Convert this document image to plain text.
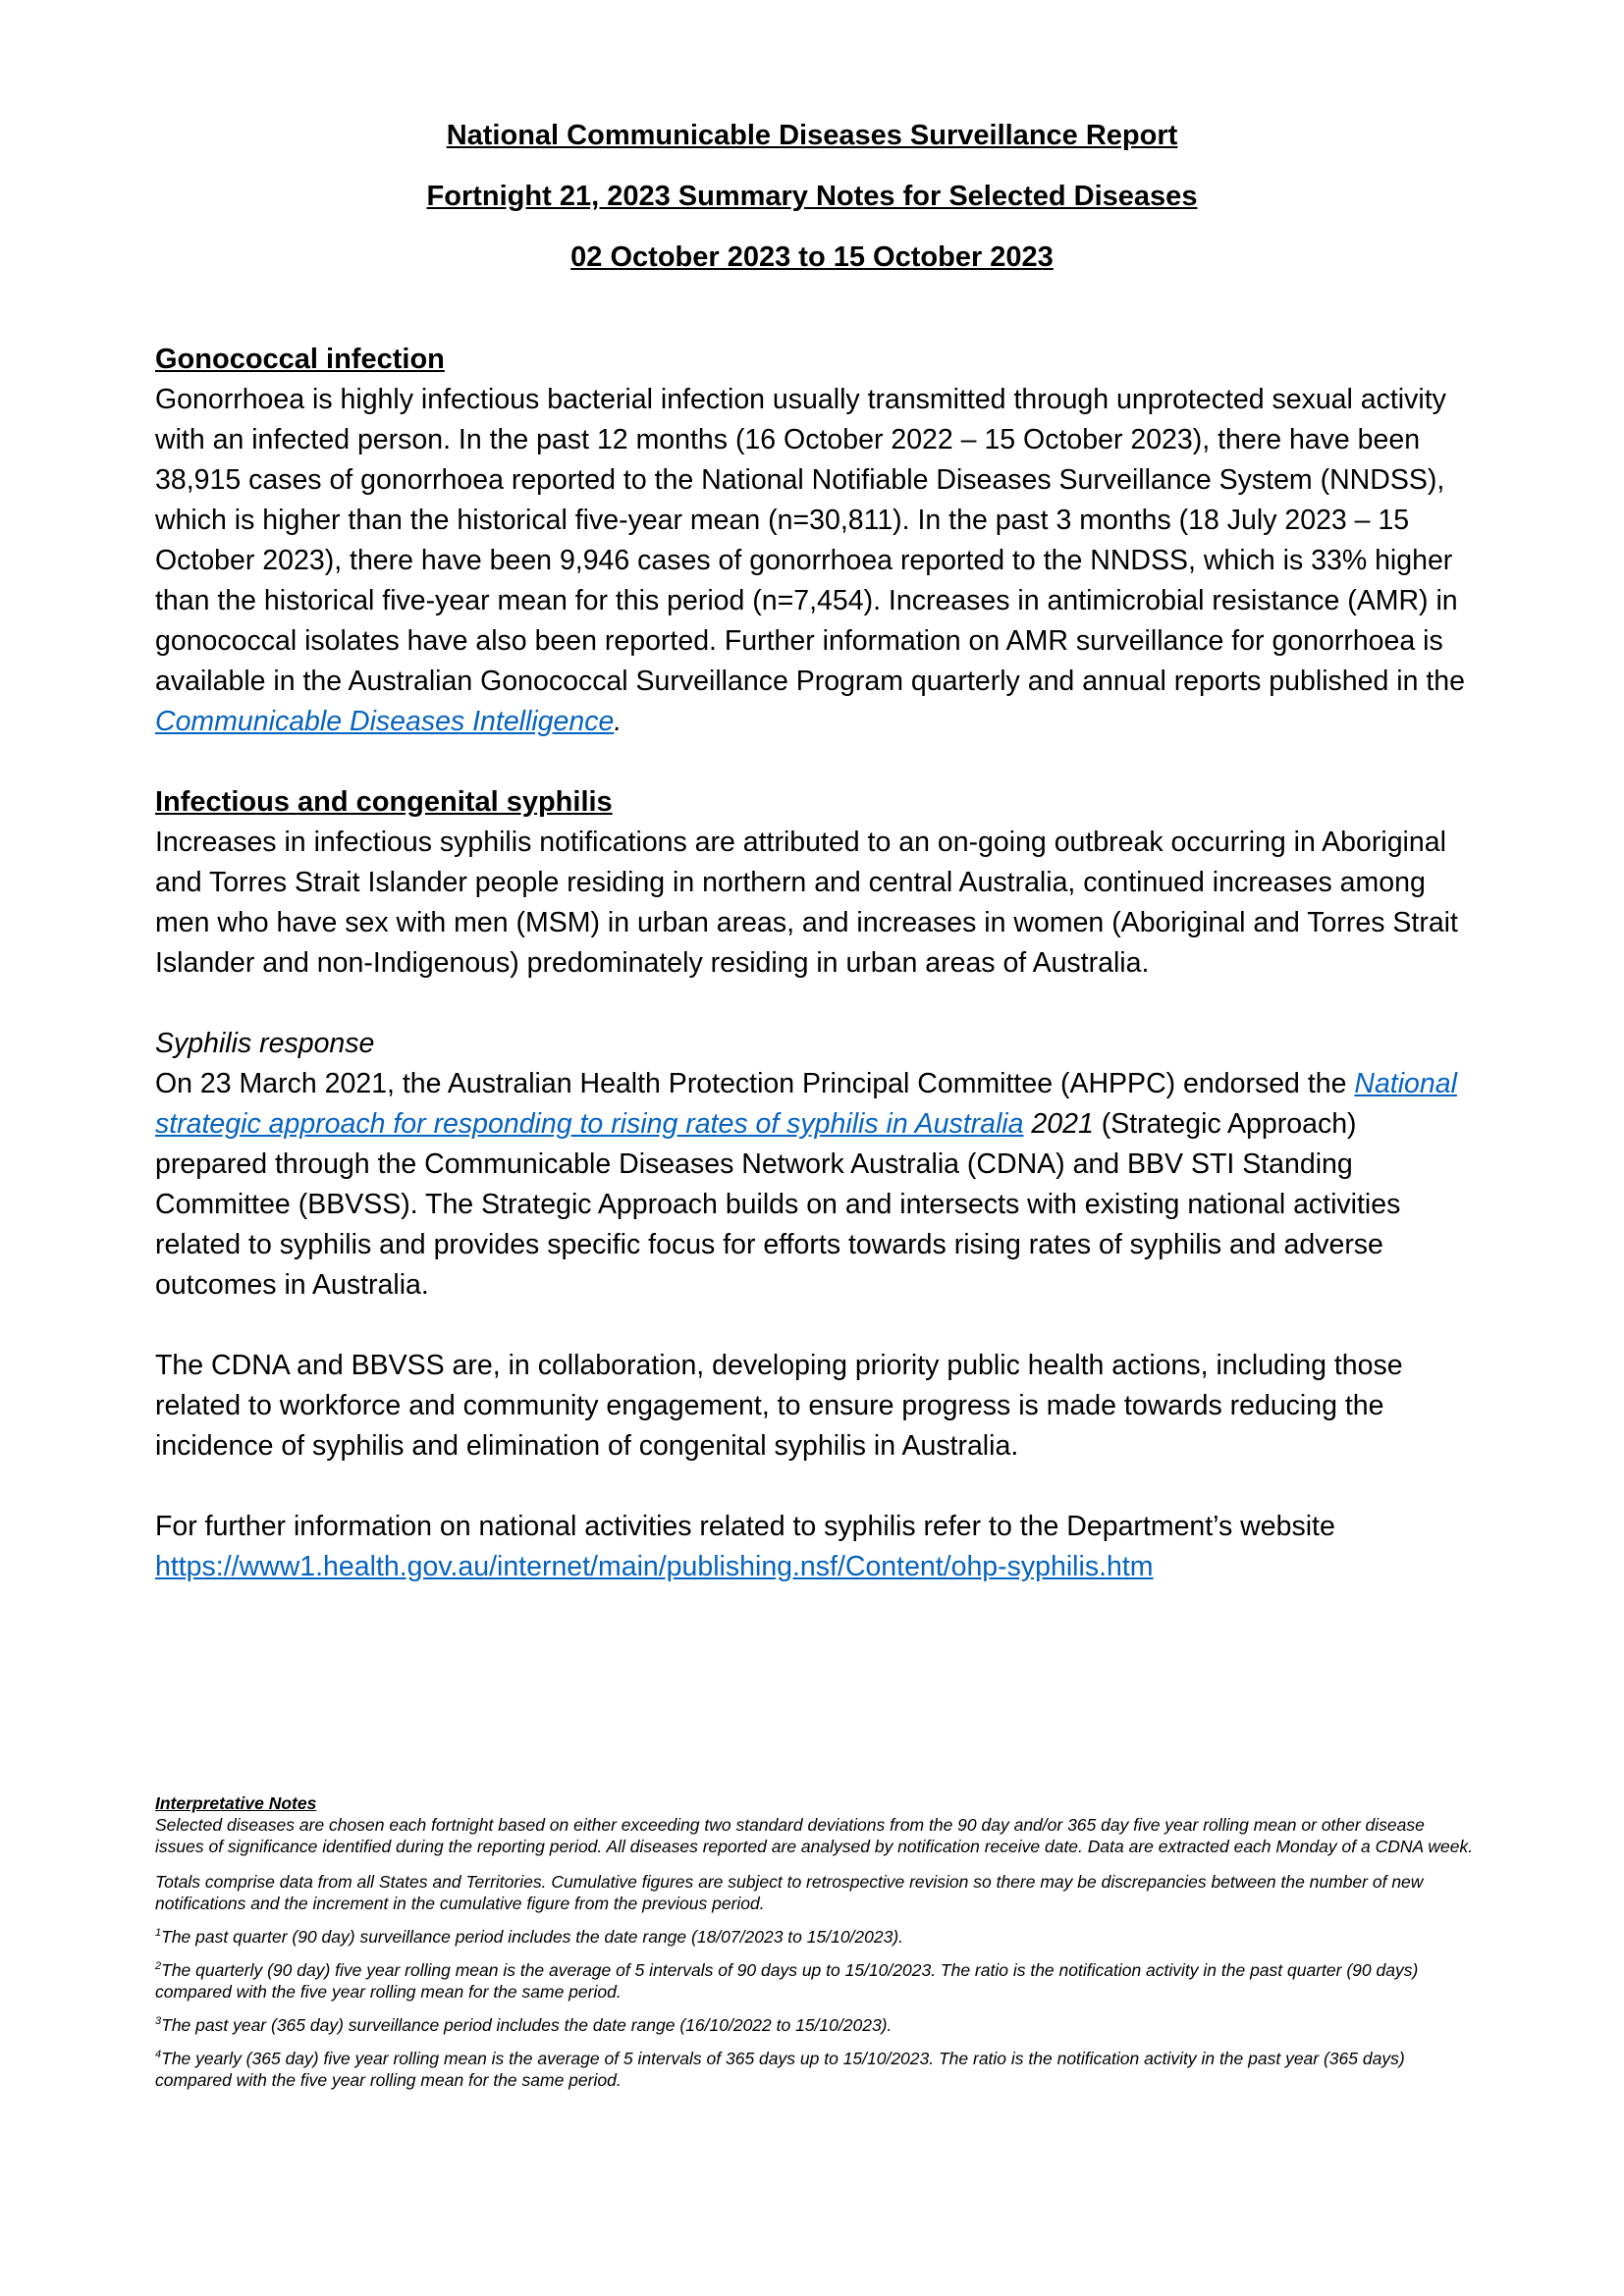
National Communicable Diseases Surveillance Report

Fortnight 21, 2023 Summary Notes for Selected Diseases

02 October 2023 to 15 October 2023

Gonococcal infection

Gonorrhoea is highly infectious bacterial infection usually transmitted through unprotected sexual activity with an infected person. In the past 12 months (16 October 2022 – 15 October 2023), there have been 38,915 cases of gonorrhoea reported to the National Notifiable Diseases Surveillance System (NNDSS), which is higher than the historical five-year mean (n=30,811). In the past 3 months (18 July 2023 – 15 October 2023), there have been 9,946 cases of gonorrhoea reported to the NNDSS, which is 33% higher than the historical five-year mean for this period (n=7,454). Increases in antimicrobial resistance (AMR) in gonococcal isolates have also been reported. Further information on AMR surveillance for gonorrhoea is available in the Australian Gonococcal Surveillance Program quarterly and annual reports published in the Communicable Diseases Intelligence.

Infectious and congenital syphilis

Increases in infectious syphilis notifications are attributed to an on-going outbreak occurring in Aboriginal and Torres Strait Islander people residing in northern and central Australia, continued increases among men who have sex with men (MSM) in urban areas, and increases in women (Aboriginal and Torres Strait Islander and non-Indigenous) predominately residing in urban areas of Australia.

Syphilis response

On 23 March 2021, the Australian Health Protection Principal Committee (AHPPC) endorsed the National strategic approach for responding to rising rates of syphilis in Australia 2021 (Strategic Approach) prepared through the Communicable Diseases Network Australia (CDNA) and BBV STI Standing Committee (BBVSS). The Strategic Approach builds on and intersects with existing national activities related to syphilis and provides specific focus for efforts towards rising rates of syphilis and adverse outcomes in Australia.

The CDNA and BBVSS are, in collaboration, developing priority public health actions, including those related to workforce and community engagement, to ensure progress is made towards reducing the incidence of syphilis and elimination of congenital syphilis in Australia.

For further information on national activities related to syphilis refer to the Department’s website

https://www1.health.gov.au/internet/main/publishing.nsf/Content/ohp-syphilis.htm

Interpretative Notes

Selected diseases are chosen each fortnight based on either exceeding two standard deviations from the 90 day and/or 365 day five year rolling mean or other disease issues of significance identified during the reporting period. All diseases reported are analysed by notification receive date. Data are extracted each Monday of a CDNA week.

Totals comprise data from all States and Territories. Cumulative figures are subject to retrospective revision so there may be discrepancies between the number of new notifications and the increment in the cumulative figure from the previous period.

$^1$The past quarter (90 day) surveillance period includes the date range (18/07/2023 to 15/10/2023).

$^2$The quarterly (90 day) five year rolling mean is the average of 5 intervals of 90 days up to 15/10/2023. The ratio is the notification activity in the past quarter (90 days) compared with the five year rolling mean for the same period.

$^3$The past year (365 day) surveillance period includes the date range (16/10/2022 to 15/10/2023).

$^4$The yearly (365 day) five year rolling mean is the average of 5 intervals of 365 days up to 15/10/2023. The ratio is the notification activity in the past year (365 days) compared with the five year rolling mean for the same period.
